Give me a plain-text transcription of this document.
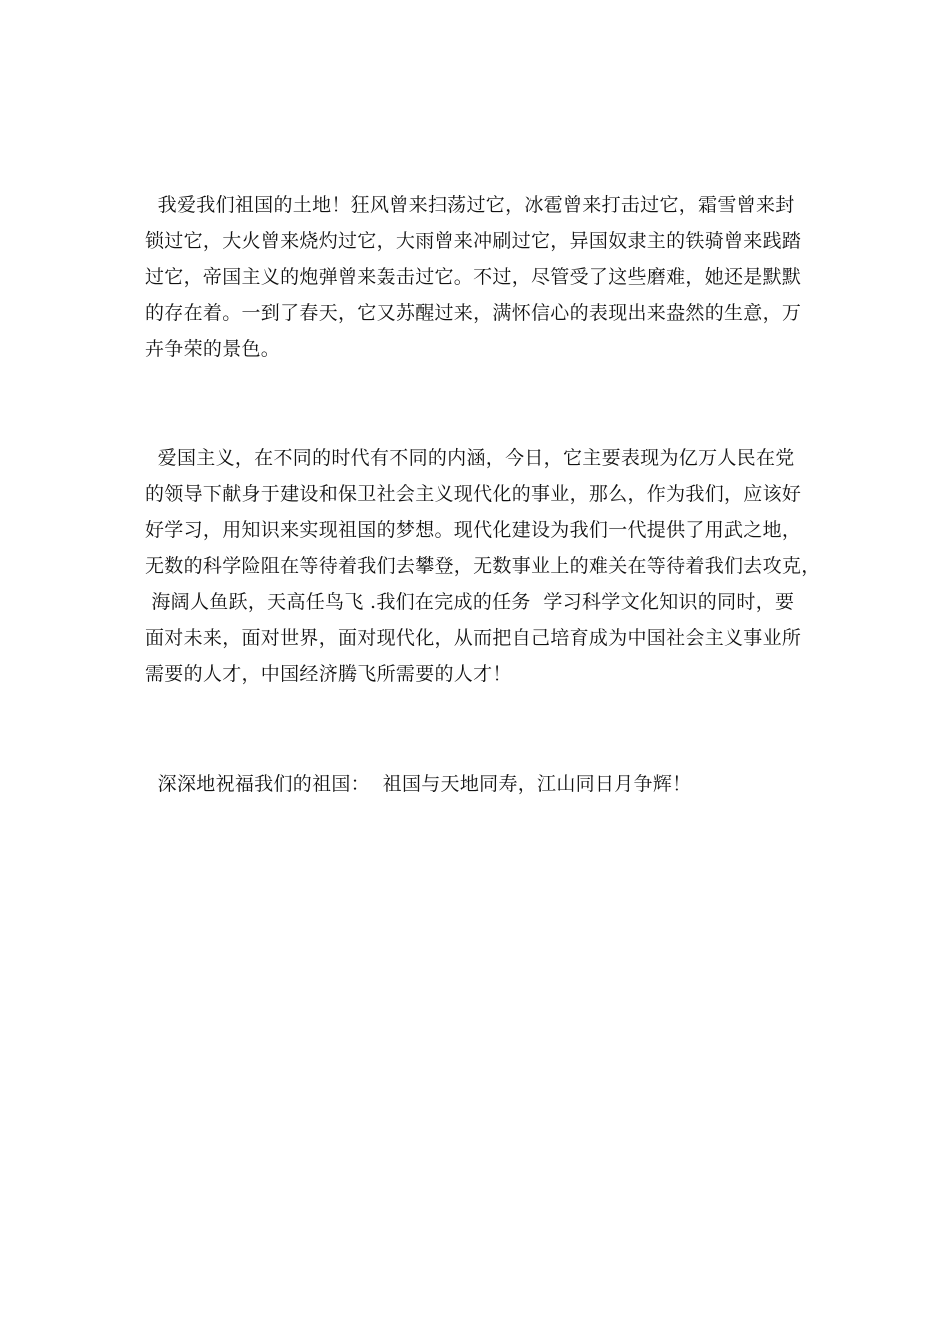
我爱我们祖国的土地！狂风曾来扫荡过它，冰雹曾来打击过它，霜雪曾来封
锁过它，大火曾来烧灼过它，大雨曾来冲刷过它，异国奴隶主的铁骑曾来践踏
过它，帝国主义的炮弹曾来轰击过它。不过，尽管受了这些磨难，她还是默默
的存在着。一到了春天，它又苏醒过来，满怀信心的表现出来盎然的生意，万
卉争荣的景色。
爱国主义，在不同的时代有不同的内涵，今日，它主要表现为亿万人民在党
的领导下献身于建设和保卫社会主义现代化的事业，那么，作为我们，应该好
好学习，用知识来实现祖国的梦想。现代化建设为我们一代提供了用武之地，
无数的科学险阻在等待着我们去攀登，无数事业上的难关在等待着我们去攻克，
海阔人鱼跃，天高任鸟飞 .我们在完成的任务  学习科学文化知识的同时，要
面对未来，面对世界，面对现代化，从而把自己培育成为中国社会主义事业所
需要的人才，中国经济腾飞所需要的人才！
深深地祝福我们的祖国：  祖国与天地同寿，江山同日月争辉！
